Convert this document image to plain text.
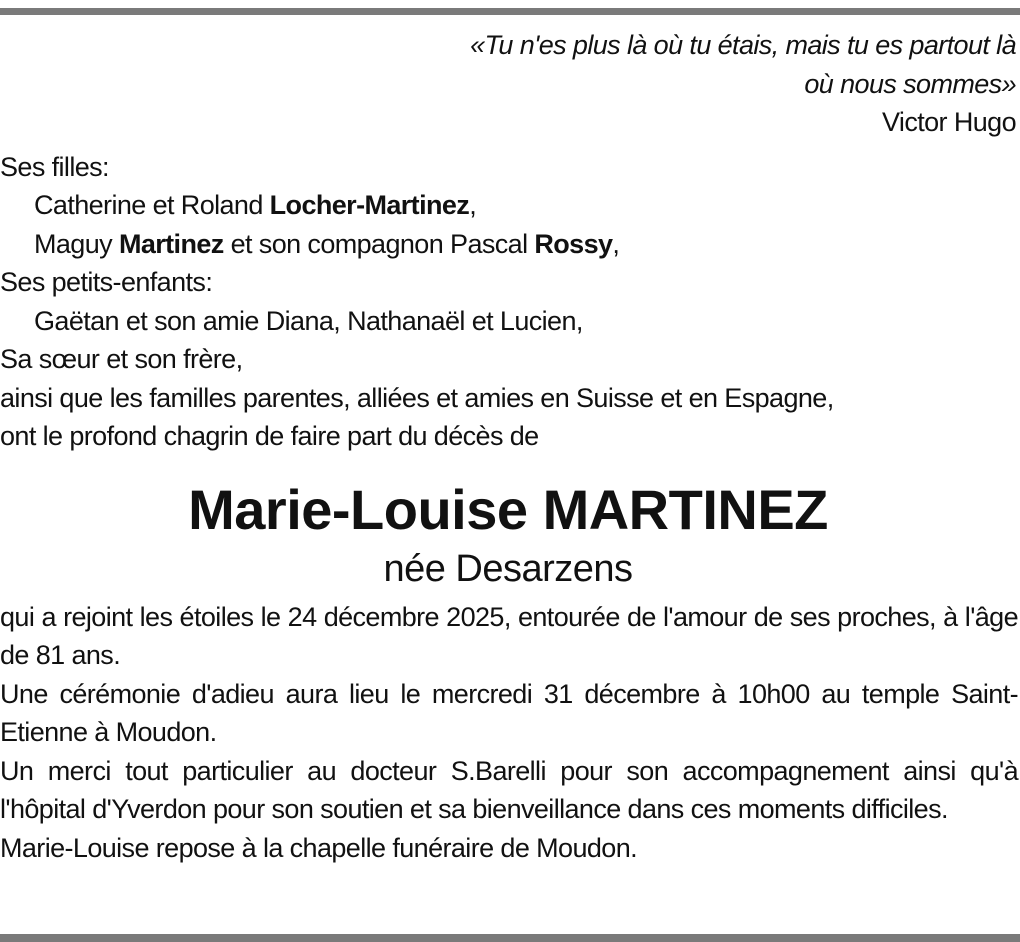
«Tu n'es plus là où tu étais, mais tu es partout là
où nous sommes»
Victor Hugo
Ses filles:
Catherine et Roland Locher-Martinez,
Maguy Martinez et son compagnon Pascal Rossy,
Ses petits-enfants:
Gaëtan et son amie Diana, Nathanaël et Lucien,
Sa sœur et son frère,
ainsi que les familles parentes, alliées et amies en Suisse et en Espagne,
ont le profond chagrin de faire part du décès de
Marie-Louise MARTINEZ
née Desarzens
qui a rejoint les étoiles le 24 décembre 2025, entourée de l'amour de ses proches, à l'âge de 81 ans.
Une cérémonie d'adieu aura lieu le mercredi 31 décembre à 10h00 au temple Saint-Etienne à Moudon.
Un merci tout particulier au docteur S.Barelli pour son accompagnement ainsi qu'à l'hôpital d'Yverdon pour son soutien et sa bienveillance dans ces moments difficiles.
Marie-Louise repose à la chapelle funéraire de Moudon.
